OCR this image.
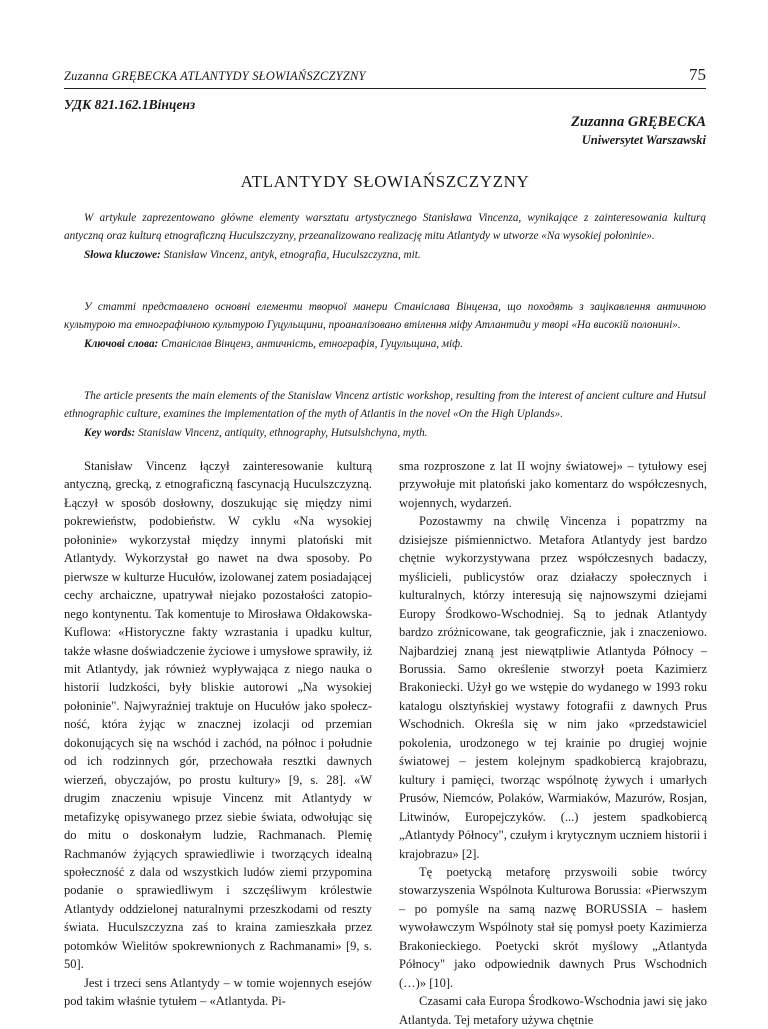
Zuzanna GRĘBECKA ATLANTYDY SŁOWIAŃSZCZYZNY	75
УДК 821.162.1Вінценз
Zuzanna GRĘBECKA
Uniwersytet Warszawski
ATLANTYDY SŁOWIAŃSZCZYZNY

W artykule zaprezentowano główne elementy warsztatu artystycznego Stanisława Vincenza, wynikające z zainteresowania kulturą antyczną oraz kulturą etnograficzną Huculszczyzny, przeanalizowano realizację mitu Atlantydy w utworze «Na wysokiej połoninie».

Słowa kluczowe: Stanisław Vincenz, antyk, etnografia, Huculszczyzna, mit.

У статті представлено основні елементи творчої манери Станіслава Вінценза, що походять з зацікавлення античною культурою та етнографічною культурою Гуцульщини, проаналізовано втілення міфу Атлантиди у творі «На високій полонині».

Ключові слова: Станіслав Вінценз, античність, етнографія, Гуцульщина, міф.

The article presents the main elements of the Stanislaw Vincenz artistic workshop, resulting from the interest of ancient culture and Hutsul ethnographic culture, examines the implementation of the myth of Atlantis in the novel «On the High Uplands».

Key words: Stanislaw Vincenz, antiquity, ethnography, Hutsulshchyna, myth.

Stanisław Vincenz łączył zainteresowanie kulturą antyczną, grecką, z etnograficzną fascynacją Huculszczyzną. Łączył w sposób dosłowny, doszukując się między nimi pokrewieństw, podobieństw. W cyklu «Na wysokiej połoninie» wykorzystał między innymi platoński mit Atlantydy. Wykorzystał go nawet na dwa sposoby. Po pierwsze w kulturze Hucułów, izolowanej zatem posiadającej cechy archaiczne, upatrywał niejako pozostałości zatopionego kontynentu. Tak komentuje to Mirosława Ołdakowska-Kuflowa: «Historyczne fakty wzrastania i upadku kultur, także własne doświadczenie życiowe i umysłowe sprawiły, iż mit Atlantydy, jak również wypływająca z niego nauka o historii ludzkości, były bliskie autorowi „Na wysokiej połoninie". Najwyraźniej traktuje on Hucułów jako społeczność, która żyjąc w znacznej izolacji od przemian dokonujących się na wschód i zachód, na północ i południe od ich rodzinnych gór, przechowała resztki dawnych wierzeń, obyczajów, po prostu kultury» [9, s. 28]. «W drugim znaczeniu wpisuje Vincenz mit Atlantydy w metafizykę opisywanego przez siebie świata, odwołując się do mitu o doskonałym ludzie, Rachmanach. Plemię Rachmanów żyjących sprawiedliwie i tworzących idealną społeczność z dala od wszystkich ludów ziemi przypomina podanie o sprawiedliwym i szczęśliwym królestwie Atlantydy oddzielonej naturalnymi przeszkodami od reszty świata. Huculszczyzna zaś to kraina zamieszkała przez potomków Wielitów spokrewnionych z Rachmanami» [9, s. 50].

Jest i trzeci sens Atlantydy – w tomie wojennych esejów pod takim właśnie tytułem – «Atlantyda. Pi-

sma rozproszone z lat II wojny światowej» – tytułowy esej przywołuje mit platoński jako komentarz do współczesnych, wojennych, wydarzeń.

Pozostawmy na chwilę Vincenza i popatrzmy na dzisiejsze piśmiennictwo. Metafora Atlantydy jest bardzo chętnie wykorzystywana przez współczesnych badaczy, myślicieli, publicystów oraz działaczy społecznych i kulturalnych, którzy interesują się najnowszymi dziejami Europy Środkowo-Wschodniej. Są to jednak Atlantydy bardzo zróżnicowane, tak geograficznie, jak i znaczeniowo. Najbardziej znaną jest niewątpliwie Atlantyda Północy – Borussia. Samo określenie stworzył poeta Kazimierz Brakoniecki. Użył go we wstępie do wydanego w 1993 roku katalogu olsztyńskiej wystawy fotografii z dawnych Prus Wschodnich. Określa się w nim jako «przedstawiciel pokolenia, urodzonego w tej krainie po drugiej wojnie światowej – jestem kolejnym spadkobiercą krajobrazu, kultury i pamięci, tworząc wspólnotę żywych i umarłych Prusów, Niemców, Polaków, Warmiaków, Mazurów, Rosjan, Litwinów, Europejczyków. (...) jestem spadkobiercą „Atlantydy Północy", czułym i krytycznym uczniem historii i krajobrazu» [2].

Tę poetycką metaforę przyswoili sobie twórcy stowarzyszenia Wspólnota Kulturowa Borussia: «Pierwszym – po pomyśle na samą nazwę BORUSSIA – hasłem wywoławczym Wspólnoty stał się pomysł poety Kazimierza Brakonieckiego. Poetycki skrót myślowy „Atlantyda Północy" jako odpowiednik dawnych Prus Wschodnich (…)» [10].

Czasami cała Europa Środkowo-Wschodnia jawi się jako Atlantyda. Tej metafory używa chętnie
